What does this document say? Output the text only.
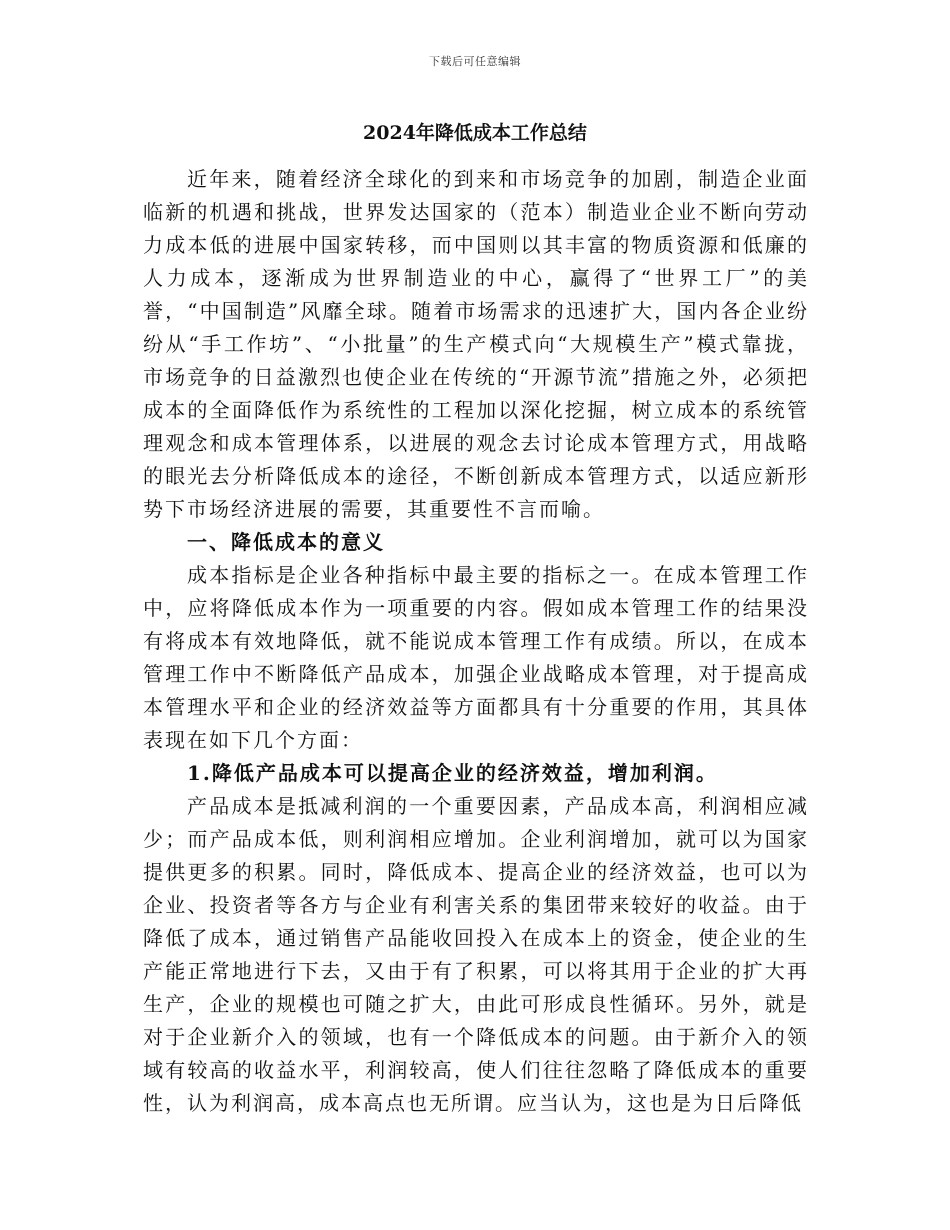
下载后可任意编辑
2024年降低成本工作总结

近年来，随着经济全球化的到来和市场竞争的加剧，制造企业面临新的机遇和挑战，世界发达国家的（范本）制造业企业不断向劳动力成本低的进展中国家转移，而中国则以其丰富的物质资源和低廉的人力成本，逐渐成为世界制造业的中心，赢得了“世界工厂”的美誉，“中国制造”风靡全球。随着市场需求的迅速扩大，国内各企业纷纷从“手工作坊”、“小批量”的生产模式向“大规模生产”模式靠拢，市场竞争的日益激烈也使企业在传统的“开源节流”措施之外，必须把成本的全面降低作为系统性的工程加以深化挖掘，树立成本的系统管理观念和成本管理体系，以进展的观念去讨论成本管理方式，用战略的眼光去分析降低成本的途径，不断创新成本管理方式，以适应新形势下市场经济进展的需要，其重要性不言而喻。

一、降低成本的意义

成本指标是企业各种指标中最主要的指标之一。在成本管理工作中，应将降低成本作为一项重要的内容。假如成本管理工作的结果没有将成本有效地降低，就不能说成本管理工作有成绩。所以，在成本管理工作中不断降低产品成本，加强企业战略成本管理，对于提高成本管理水平和企业的经济效益等方面都具有十分重要的作用，其具体表现在如下几个方面：

1.降低产品成本可以提高企业的经济效益，增加利润。

产品成本是抵减利润的一个重要因素，产品成本高，利润相应减少；而产品成本低，则利润相应增加。企业利润增加，就可以为国家提供更多的积累。同时，降低成本、提高企业的经济效益，也可以为企业、投资者等各方与企业有利害关系的集团带来较好的收益。由于降低了成本，通过销售产品能收回投入在成本上的资金，使企业的生产能正常地进行下去，又由于有了积累，可以将其用于企业的扩大再生产，企业的规模也可随之扩大，由此可形成良性循环。另外，就是对于企业新介入的领域，也有一个降低成本的问题。由于新介入的领域有较高的收益水平，利润较高，使人们往往忽略了降低成本的重要性，认为利润高，成本高点也无所谓。应当认为，这也是为日后降低
